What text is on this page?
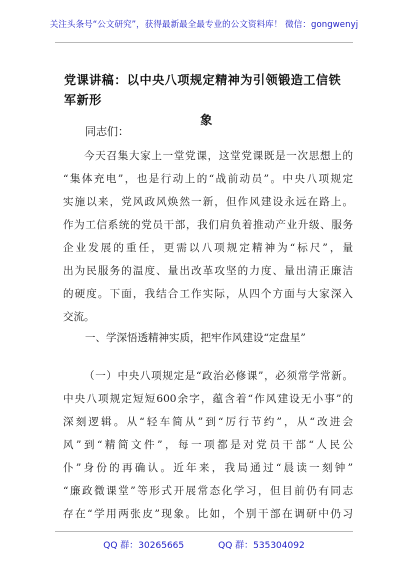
关注头条号“公文研究”，获得最新最全最专业的公文资料库！ 微信：gongwenyj
党课讲稿：以中央八项规定精神为引领锻造工信铁军新形
象
同志们：
今天召集大家上一堂党课，这堂党课既是一次思想上的
“集体充电”，也是行动上的“战前动员”。中央八项规定
实施以来，党风政风焕然一新，但作风建设永远在路上。
作为工信系统的党员干部，我们肩负着推动产业升级、服务
企业发展的重任，更需以八项规定精神为“标尺”，量
出为民服务的温度、量出改革攻坚的力度、量出清正廉洁
的硬度。下面，我结合工作实际，从四个方面与大家深入
交流。
一、学深悟透精神实质，把牢作风建设“定盘星”
（一）中央八项规定是“政治必修课”，必须常学常新。
中央八项规定短短600余字，蕴含着“作风建设无小事”的
深刻逻辑。从“轻车简从”到“厉行节约”，从“改进会
风”到“精简文件”，每一项都是对党员干部“人民公
仆”身份的再确认。近年来，我局通过“晨读一刻钟”
“廉政微课堂”等形式开展常态化学习，但目前仍有同志
存在“学用两张皮”现象。比如，个别干部在调研中仍习
QQ 群：30265665	QQ 群：535304092
